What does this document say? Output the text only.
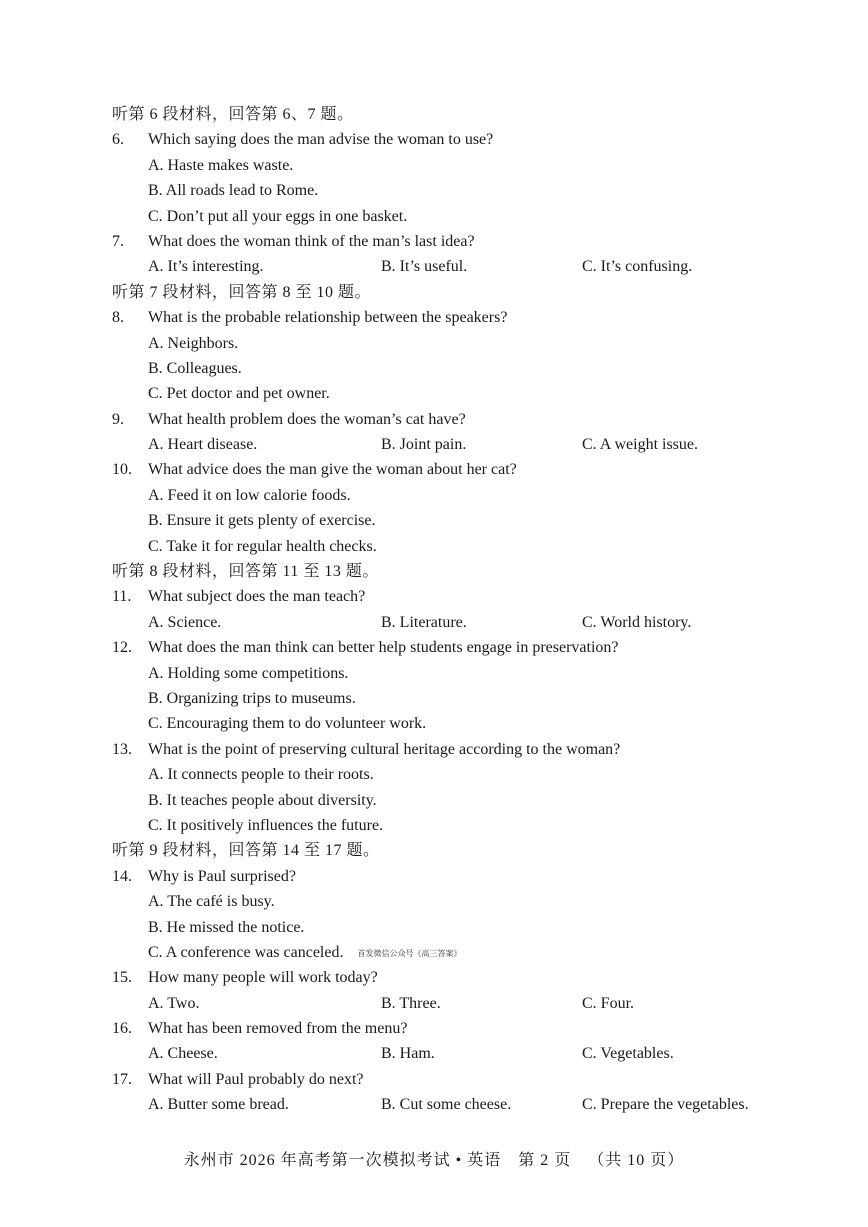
听第 6 段材料，回答第 6、7 题。
6. Which saying does the man advise the woman to use?
A. Haste makes waste.
B. All roads lead to Rome.
C. Don’t put all your eggs in one basket.
7. What does the woman think of the man’s last idea?
A. It’s interesting.	B. It’s useful.	C. It’s confusing.
听第 7 段材料，回答第 8 至 10 题。
8. What is the probable relationship between the speakers?
A. Neighbors.
B. Colleagues.
C. Pet doctor and pet owner.
9. What health problem does the woman’s cat have?
A. Heart disease.	B. Joint pain.	C. A weight issue.
10. What advice does the man give the woman about her cat?
A. Feed it on low calorie foods.
B. Ensure it gets plenty of exercise.
C. Take it for regular health checks.
听第 8 段材料，回答第 11 至 13 题。
11. What subject does the man teach?
A. Science.	B. Literature.	C. World history.
12. What does the man think can better help students engage in preservation?
A. Holding some competitions.
B. Organizing trips to museums.
C. Encouraging them to do volunteer work.
13. What is the point of preserving cultural heritage according to the woman?
A. It connects people to their roots.
B. It teaches people about diversity.
C. It positively influences the future.
听第 9 段材料，回答第 14 至 17 题。
14. Why is Paul surprised?
A. The café is busy.
B. He missed the notice.
C. A conference was canceled. 首发微信公众号《高三答案》
15. How many people will work today?
A. Two.	B. Three.	C. Four.
16. What has been removed from the menu?
A. Cheese.	B. Ham.	C. Vegetables.
17. What will Paul probably do next?
A. Butter some bread.	B. Cut some cheese.	C. Prepare the vegetables.
永州市 2026 年高考第一次模拟考试 • 英语 第 2 页 （共 10 页）
